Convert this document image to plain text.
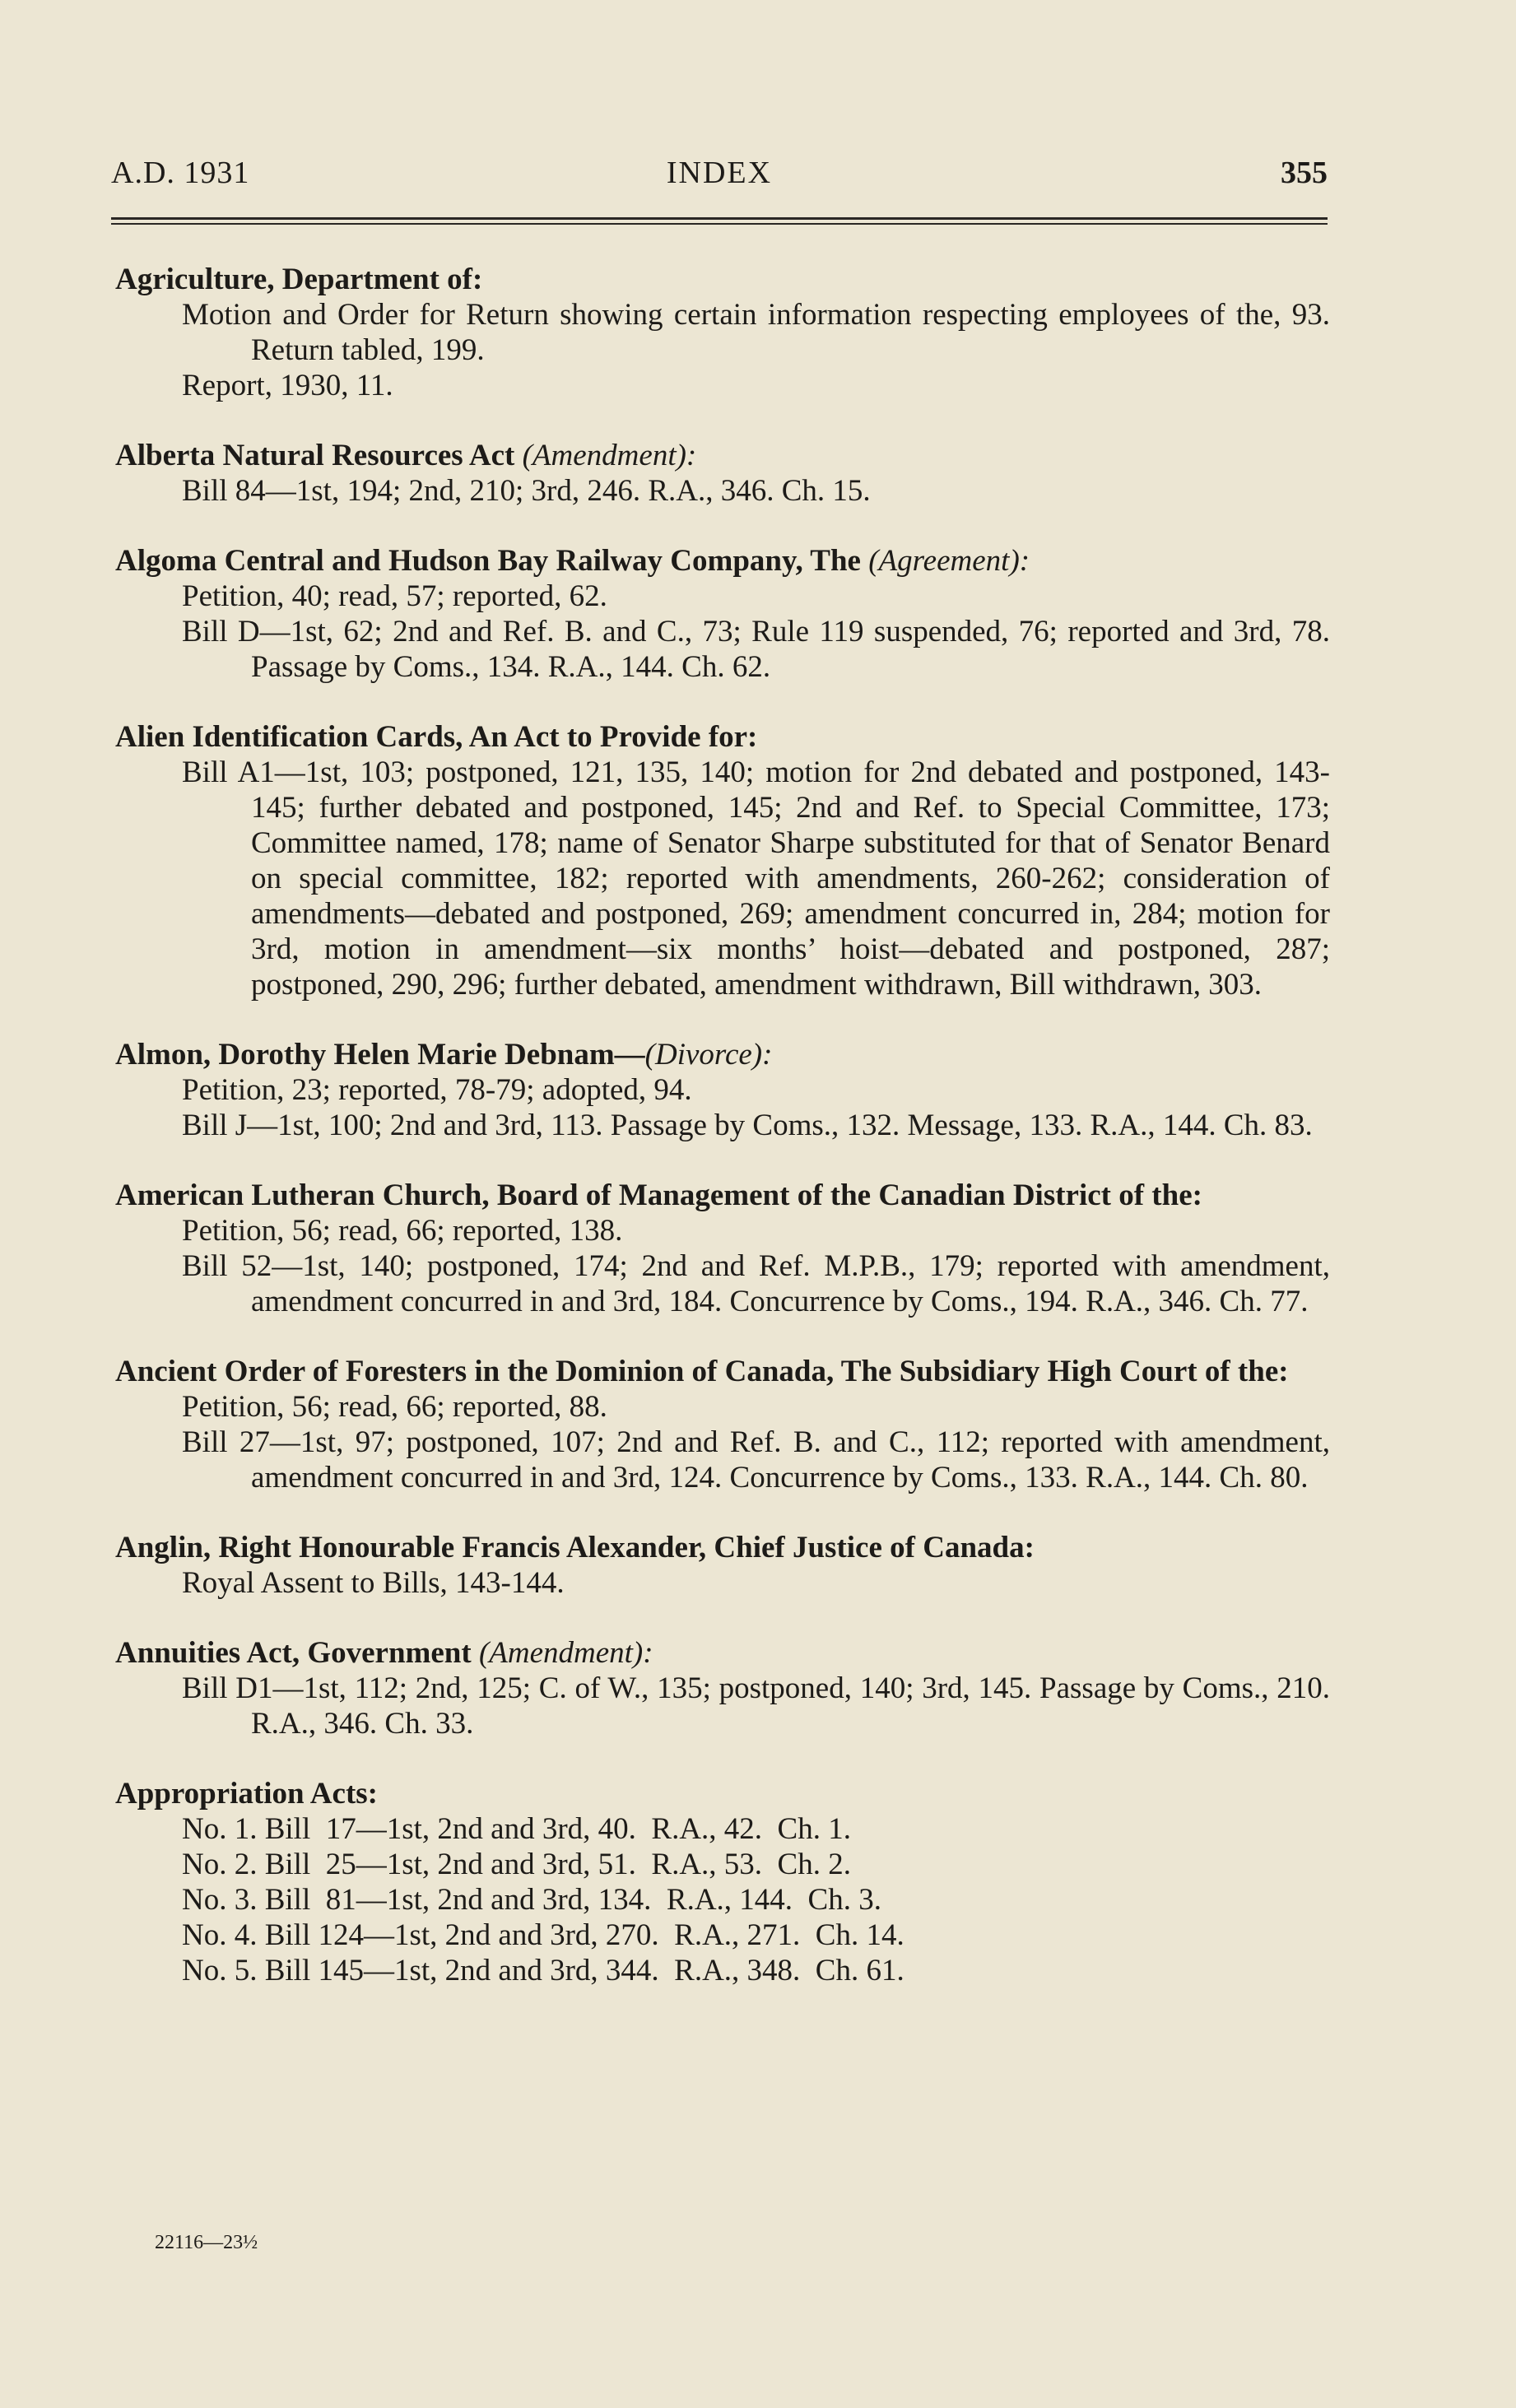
A.D. 1931	INDEX	355
Agriculture, Department of:
Motion and Order for Return showing certain information respecting employees of the, 93. Return tabled, 199.
Report, 1930, 11.
Alberta Natural Resources Act (Amendment):
Bill 84—1st, 194; 2nd, 210; 3rd, 246. R.A., 346. Ch. 15.
Algoma Central and Hudson Bay Railway Company, The (Agreement):
Petition, 40; read, 57; reported, 62.
Bill D—1st, 62; 2nd and Ref. B. and C., 73; Rule 119 suspended, 76; reported and 3rd, 78. Passage by Coms., 134. R.A., 144. Ch. 62.
Alien Identification Cards, An Act to Provide for:
Bill A1—1st, 103; postponed, 121, 135, 140; motion for 2nd debated and postponed, 143-145; further debated and postponed, 145; 2nd and Ref. to Special Committee, 173; Committee named, 178; name of Senator Sharpe substituted for that of Senator Benard on special committee, 182; reported with amendments, 260-262; consideration of amendments—debated and postponed, 269; amendment concurred in, 284; motion for 3rd, motion in amendment—six months’ hoist—debated and postponed, 287; postponed, 290, 296; further debated, amendment withdrawn, Bill withdrawn, 303.
Almon, Dorothy Helen Marie Debnam—(Divorce):
Petition, 23; reported, 78-79; adopted, 94.
Bill J—1st, 100; 2nd and 3rd, 113. Passage by Coms., 132. Message, 133. R.A., 144. Ch. 83.
American Lutheran Church, Board of Management of the Canadian District of the:
Petition, 56; read, 66; reported, 138.
Bill 52—1st, 140; postponed, 174; 2nd and Ref. M.P.B., 179; reported with amendment, amendment concurred in and 3rd, 184. Concurrence by Coms., 194. R.A., 346. Ch. 77.
Ancient Order of Foresters in the Dominion of Canada, The Subsidiary High Court of the:
Petition, 56; read, 66; reported, 88.
Bill 27—1st, 97; postponed, 107; 2nd and Ref. B. and C., 112; reported with amendment, amendment concurred in and 3rd, 124. Concurrence by Coms., 133. R.A., 144. Ch. 80.
Anglin, Right Honourable Francis Alexander, Chief Justice of Canada:
Royal Assent to Bills, 143-144.
Annuities Act, Government (Amendment):
Bill D1—1st, 112; 2nd, 125; C. of W., 135; postponed, 140; 3rd, 145. Passage by Coms., 210. R.A., 346. Ch. 33.
Appropriation Acts:
No. 1. Bill  17—1st, 2nd and 3rd, 40.  R.A., 42.  Ch. 1.
No. 2. Bill  25—1st, 2nd and 3rd, 51.  R.A., 53.  Ch. 2.
No. 3. Bill  81—1st, 2nd and 3rd, 134.  R.A., 144.  Ch. 3.
No. 4. Bill 124—1st, 2nd and 3rd, 270.  R.A., 271.  Ch. 14.
No. 5. Bill 145—1st, 2nd and 3rd, 344.  R.A., 348.  Ch. 61.
22116—23½
